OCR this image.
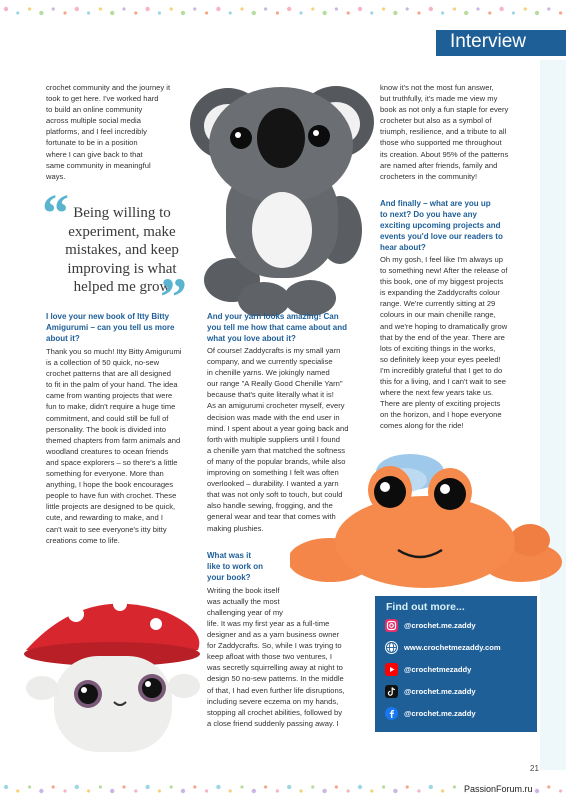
Interview

crochet community and the journey it

took to get here. I've worked hard

to build an online community

across multiple social media

platforms, and I feel incredibly

fortunate to be in a position

where I can give back to that

same community in meaningful

ways.

“ Being willing to
experiment, make
mistakes, and keep
improving is what
helped me grow
”

I love your new book of Itty Bitty

Amigurumi – can you tell us more

about it?

Thank you so much! Itty Bitty Amigurumi

is a collection of 50 quick, no-sew

crochet patterns that are all designed

to fit in the palm of your hand. The idea

came from wanting projects that were

fun to make, didn't require a huge time

commitment, and could still be full of

personality. The book is divided into

themed chapters from farm animals and

woodland creatures to ocean friends

and space explorers – so there's a little

something for everyone. More than

anything, I hope the book encourages

people to have fun with crochet. These

little projects are designed to be quick,

cute, and rewarding to make, and I

can't wait to see everyone's itty bitty

creations come to life.

And your yarn looks amazing! Can

you tell me how that came about and

what you love about it?

Of course! Zaddycrafts is my small yarn

company, and we currently specialise

in chenille yarns. We jokingly named

our range "A Really Good Chenille Yarn"

because that's quite literally what it is!

As an amigurumi crocheter myself, every

decision was made with the end user in

mind. I spent about a year going back and

forth with multiple suppliers until I found

a chenille yarn that matched the softness

of many of the popular brands, while also

improving on something I felt was often

overlooked – durability. I wanted a yarn

that was not only soft to touch, but could

also handle sewing, frogging, and the

general wear and tear that comes with

making plushies.

What was it

like to work on

your book?

Writing the book itself

was actually the most

challenging year of my

life. It was my first year as a full-time

designer and as a yarn business owner

for Zaddycrafts. So, while I was trying to

keep afloat with those two ventures, I

was secretly squirrelling away at night to

design 50 no-sew patterns. In the middle

of that, I had even further life disruptions,

including severe eczema on my hands,

stopping all crochet abilities, followed by

a close friend suddenly passing away. I

know it's not the most fun answer,

but truthfully, it's made me view my

book as not only a fun staple for every

crocheter but also as a symbol of

triumph, resilience, and a tribute to all

those who supported me throughout

its creation. About 95% of the patterns

are named after friends, family and

crocheters in the community!

And finally – what are you up

to next? Do you have any

exciting upcoming projects and

events you'd love our readers to

hear about?

Oh my gosh, I feel like I'm always up

to something new! After the release of

this book, one of my biggest projects

is expanding the Zaddycrafts colour

range. We're currently sitting at 29

colours in our main chenille range,

and we're hoping to dramatically grow

that by the end of the year. There are

lots of exciting things in the works,

so definitely keep your eyes peeled!

I'm incredibly grateful that I get to do

this for a living, and I can't wait to see

where the next few years take us.

There are plenty of exciting projects

on the horizon, and I hope everyone

comes along for the ride!

Find out more...
@crochet.me.zaddy
www.crochetmezaddy.com
@crochetmezaddy
@crochet.me.zaddy
@crochet.me.zaddy
21
PassionForum.ru
